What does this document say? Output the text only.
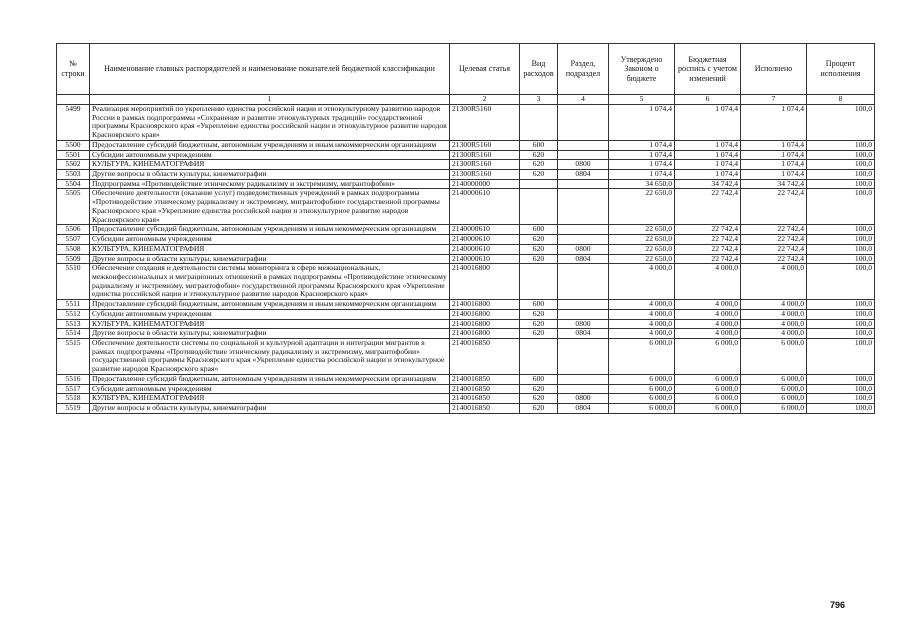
№ строки	Наименование главных распорядителей и наименование показателей бюджетной классификации	Целевая статья	Вид расходов	Раздел, подраздел	Утверждено Законом о бюджете	Бюджетная роспись с учетом изменений	Исполнено	Процент исполнения
	1	2	3	4	5	6	7	8
5499	Реализация мероприятий по укреплению единства российской нации и этнокультурному развитию народов России в рамках подпрограммы «Сохранение и развитие этнокультурных традиций» государственной программы Красноярского края «Укрепление единства российской нации и этнокультурное развитие народов Красноярского края»	21300R5160			1 074,4	1 074,4	1 074,4	100,0
5500	Предоставление субсидий бюджетным, автономным учреждениям и иным некоммерческим организациям	21300R5160	600		1 074,4	1 074,4	1 074,4	100,0
5501	Субсидии автономным учреждениям	21300R5160	620		1 074,4	1 074,4	1 074,4	100,0
5502	КУЛЬТУРА, КИНЕМАТОГРАФИЯ	21300R5160	620	0800	1 074,4	1 074,4	1 074,4	100,0
5503	Другие вопросы в области культуры, кинематографии	21300R5160	620	0804	1 074,4	1 074,4	1 074,4	100,0
5504	Подпрограмма «Противодействие этническому радикализму и экстремизму, мигрантофобии»	2140000000			34 650,0	34 742,4	34 742,4	100,0
5505	Обеспечение деятельности (оказание услуг) подведомственных учреждений в рамках подпрограммы «Противодействие этническому радикализму и экстремизму, мигрантофобии» государственной программы Красноярского края «Укрепление единства российской нации и этнокультурное развитие народов Красноярского края»	2140000610			22 650,0	22 742,4	22 742,4	100,0
5506	Предоставление субсидий бюджетным, автономным учреждениям и иным некоммерческим организациям	2140000610	600		22 650,0	22 742,4	22 742,4	100,0
5507	Субсидии автономным учреждениям	2140000610	620		22 650,0	22 742,4	22 742,4	100,0
5508	КУЛЬТУРА, КИНЕМАТОГРАФИЯ	2140000610	620	0800	22 650,0	22 742,4	22 742,4	100,0
5509	Другие вопросы в области культуры, кинематографии	2140000610	620	0804	22 650,0	22 742,4	22 742,4	100,0
5510	Обеспечение создания и деятельности системы мониторинга в сфере межнациональных, межконфессиональных и миграционных отношений в рамках подпрограммы «Противодействие этническому радикализму и экстремизму, мигрантофобии» государственной программы Красноярского края «Укрепление единства российской нации и этнокультурное развитие народов Красноярского края»	2140016800			4 000,0	4 000,0	4 000,0	100,0
5511	Предоставление субсидий бюджетным, автономным учреждениям и иным некоммерческим организациям	2140016800	600		4 000,0	4 000,0	4 000,0	100,0
5512	Субсидии автономным учреждениям	2140016800	620		4 000,0	4 000,0	4 000,0	100,0
5513	КУЛЬТУРА, КИНЕМАТОГРАФИЯ	2140016800	620	0800	4 000,0	4 000,0	4 000,0	100,0
5514	Другие вопросы в области культуры, кинематографии	2140016800	620	0804	4 000,0	4 000,0	4 000,0	100,0
5515	Обеспечение деятельности системы по социальной и культурной адаптации и интеграции мигрантов в рамках подпрограммы «Противодействие этническому радикализму и экстремизму, мигрантофобии» государственной программы Красноярского края «Укрепление единства российской нации и этнокультурное развитие народов Красноярского края»	2140016850			6 000,0	6 000,0	6 000,0	100,0
5516	Предоставление субсидий бюджетным, автономным учреждениям и иным некоммерческим организациям	2140016850	600		6 000,0	6 000,0	6 000,0	100,0
5517	Субсидии автономным учреждениям	2140016850	620		6 000,0	6 000,0	6 000,0	100,0
5518	КУЛЬТУРА, КИНЕМАТОГРАФИЯ	2140016850	620	0800	6 000,0	6 000,0	6 000,0	100,0
5519	Другие вопросы в области культуры, кинематографии	2140016850	620	0804	6 000,0	6 000,0	6 000,0	100,0
796
